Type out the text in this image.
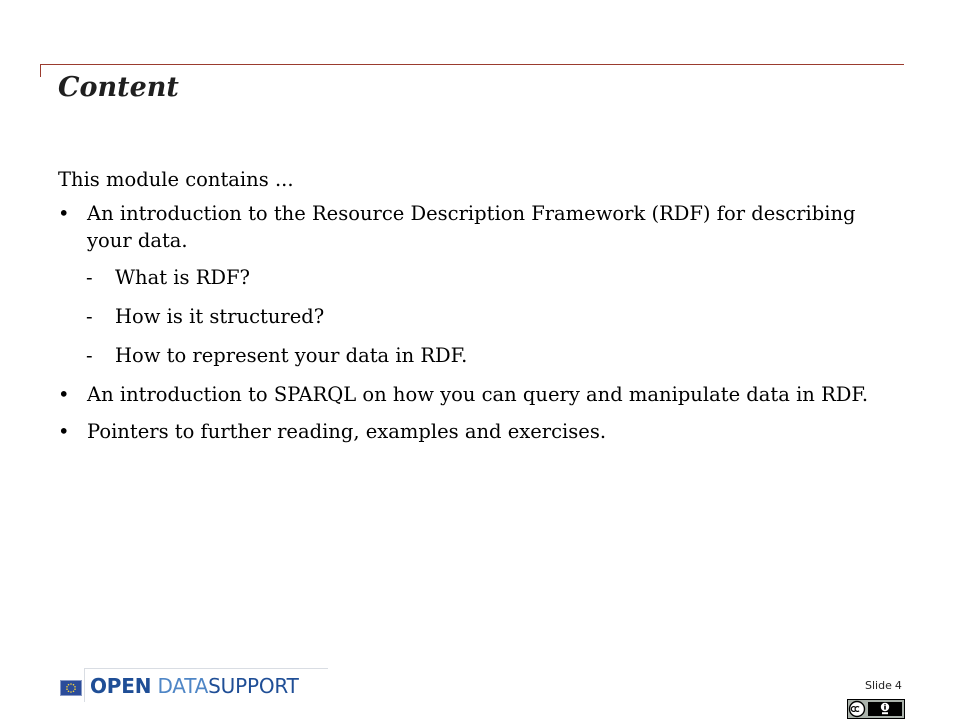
Content

This module contains ...

• An introduction to the Resource Description Framework (RDF) for describing your data.
- What is RDF?
- How is it structured?
- How to represent your data in RDF.
• An introduction to SPARQL on how you can query and manipulate data in RDF.
• Pointers to further reading, examples and exercises.
OPEN DATASUPPORT	Slide 4
